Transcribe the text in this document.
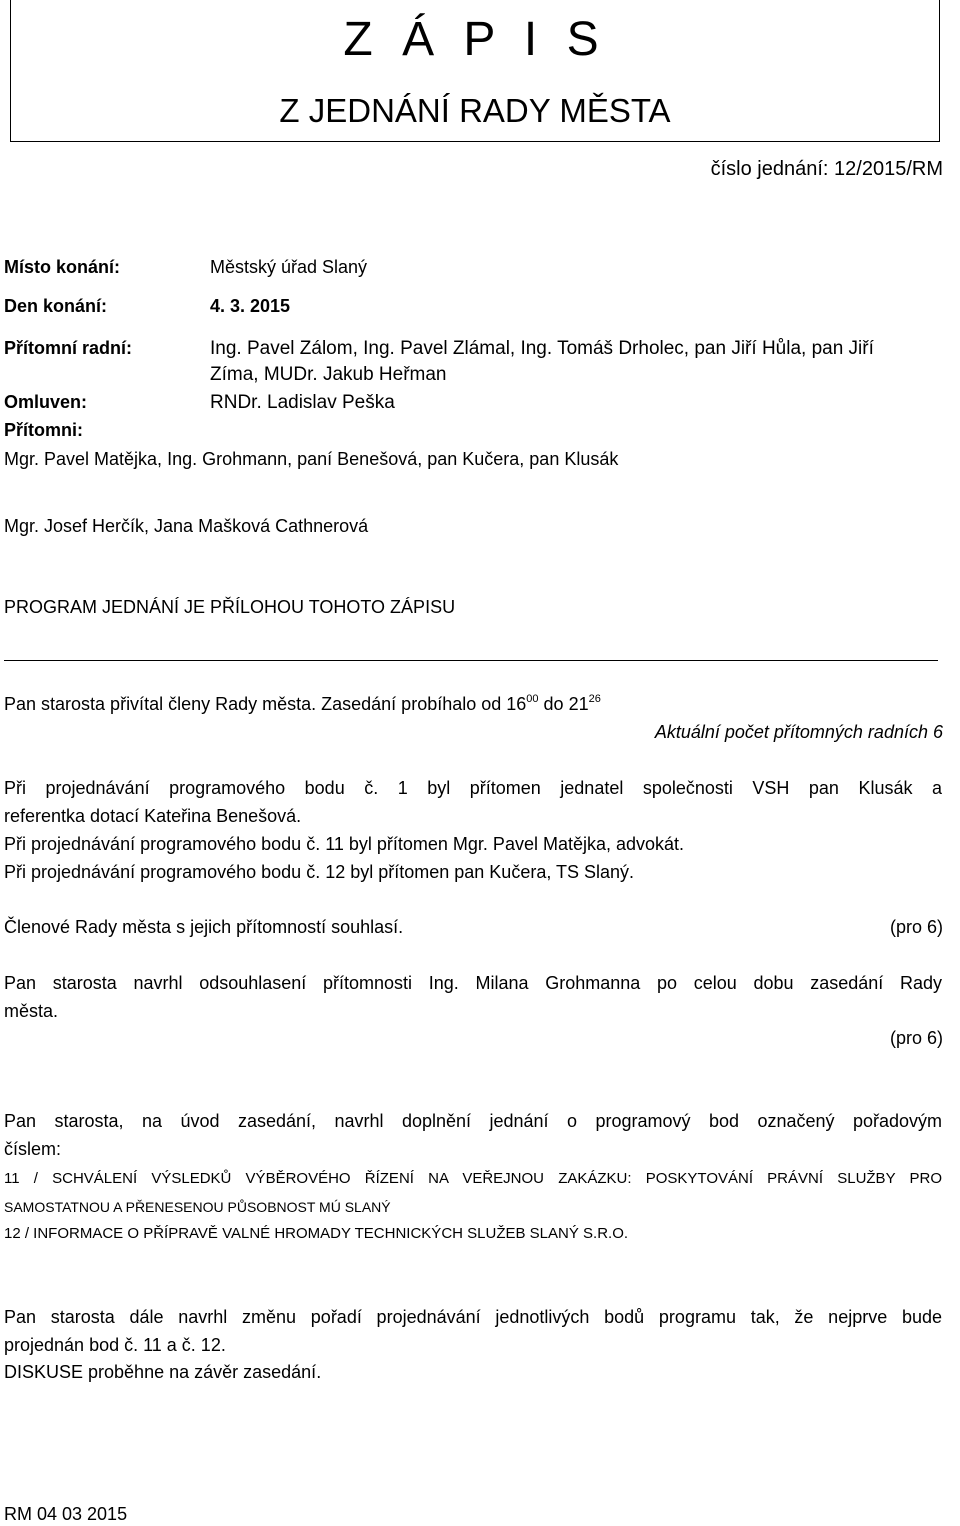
Z Á P I S
Z JEDNÁNÍ RADY MĚSTA
číslo jednání: 12/2015/RM
Místo konání:	Městský úřad Slaný
Den konání:	4. 3. 2015
Přítomní radní:	Ing. Pavel Zálom, Ing. Pavel Zlámal, Ing. Tomáš Drholec, pan Jiří Hůla, pan Jiří
Zíma, MUDr. Jakub Heřman
Omluven:	RNDr. Ladislav Peška
Přítomni:
Mgr. Pavel Matějka, Ing. Grohmann, paní Benešová, pan Kučera, pan Klusák
Mgr. Josef Herčík, Jana Mašková Cathnerová
PROGRAM JEDNÁNÍ JE PŘÍLOHOU TOHOTO ZÁPISU
Pan starosta přivítal členy Rady města. Zasedání probíhalo od $16^{00}$ do $21^{26}$
Aktuální počet přítomných radních 6
Při projednávání programového bodu č. 1 byl přítomen jednatel společnosti VSH pan Klusák a
referentka dotací Kateřina Benešová.
Při projednávání programového bodu č. 11 byl přítomen Mgr. Pavel Matějka, advokát.
Při projednávání programového bodu č. 12 byl přítomen pan Kučera, TS Slaný.
Členové Rady města s jejich přítomností souhlasí.	(pro 6)
Pan starosta navrhl odsouhlasení přítomnosti Ing. Milana Grohmanna po celou dobu zasedání Rady
města.
(pro 6)
Pan starosta, na úvod zasedání, navrhl doplnění jednání o programový bod označený pořadovým
číslem:
11 / SCHVÁLENÍ VÝSLEDKŮ VÝBĚROVÉHO ŘÍZENÍ NA VEŘEJNOU ZAKÁZKU: POSKYTOVÁNÍ PRÁVNÍ SLUŽBY PRO
SAMOSTATNOU A PŘENESENOU PŮSOBNOST MÚ SLANÝ
12 / INFORMACE O PŘÍPRAVĚ VALNÉ HROMADY TECHNICKÝCH SLUŽEB SLANÝ S.R.O.
Pan starosta dále navrhl změnu pořadí projednávání jednotlivých bodů programu tak, že nejprve bude
projednán bod č. 11 a č. 12.
DISKUSE proběhne na závěr zasedání.
RM 04 03 2015
